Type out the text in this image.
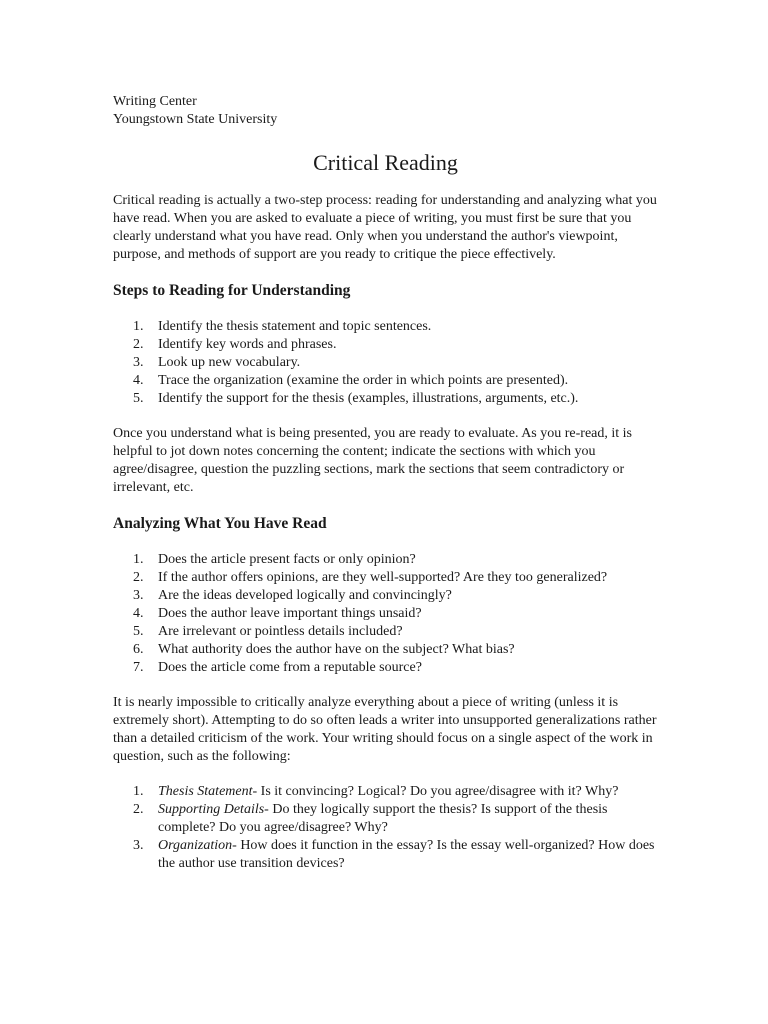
Writing Center
Youngstown State University
Critical Reading

Critical reading is actually a two-step process: reading for understanding and analyzing what you have read. When you are asked to evaluate a piece of writing, you must first be sure that you clearly understand what you have read. Only when you understand the author's viewpoint, purpose, and methods of support are you ready to critique the piece effectively.

Steps to Reading for Understanding
1. Identify the thesis statement and topic sentences.
2. Identify key words and phrases.
3. Look up new vocabulary.
4. Trace the organization (examine the order in which points are presented).
5. Identify the support for the thesis (examples, illustrations, arguments, etc.).

Once you understand what is being presented, you are ready to evaluate. As you re-read, it is helpful to jot down notes concerning the content; indicate the sections with which you agree/disagree, question the puzzling sections, mark the sections that seem contradictory or irrelevant, etc.

Analyzing What You Have Read
1. Does the article present facts or only opinion?
2. If the author offers opinions, are they well-supported? Are they too generalized?
3. Are the ideas developed logically and convincingly?
4. Does the author leave important things unsaid?
5. Are irrelevant or pointless details included?
6. What authority does the author have on the subject? What bias?
7. Does the article come from a reputable source?

It is nearly impossible to critically analyze everything about a piece of writing (unless it is extremely short). Attempting to do so often leads a writer into unsupported generalizations rather than a detailed criticism of the work. Your writing should focus on a single aspect of the work in question, such as the following:

1. Thesis Statement- Is it convincing? Logical? Do you agree/disagree with it? Why?
2. Supporting Details- Do they logically support the thesis? Is support of the thesis complete? Do you agree/disagree? Why?
3. Organization- How does it function in the essay? Is the essay well-organized? How does the author use transition devices?
